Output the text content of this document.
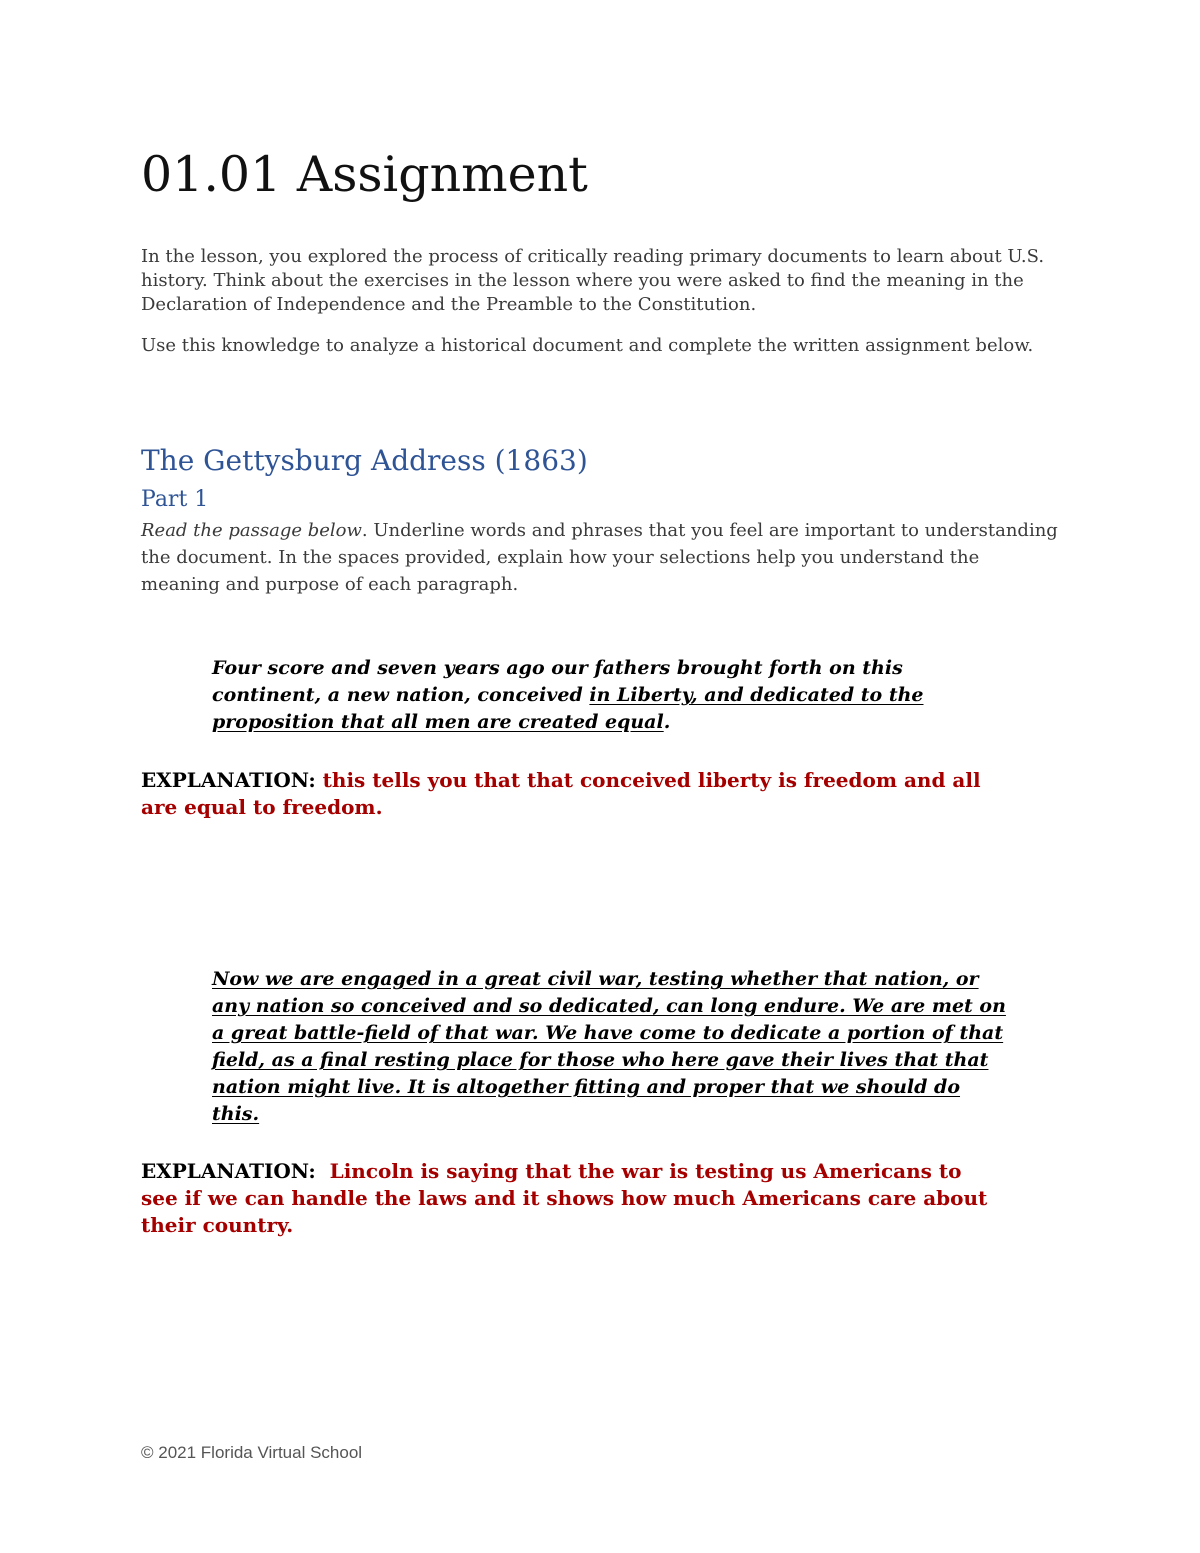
01.01 Assignment

In the lesson, you explored the process of critically reading primary documents to learn about U.S. history. Think about the exercises in the lesson where you were asked to find the meaning in the Declaration of Independence and the Preamble to the Constitution.

Use this knowledge to analyze a historical document and complete the written assignment below.

The Gettysburg Address (1863)
Part 1

Read the passage below. Underline words and phrases that you feel are important to understanding the document. In the spaces provided, explain how your selections help you understand the meaning and purpose of each paragraph.

Four score and seven years ago our fathers brought forth on this continent, a new nation, conceived in Liberty, and dedicated to the proposition that all men are created equal.

EXPLANATION: this tells you that that conceived liberty is freedom and all are equal to freedom.

Now we are engaged in a great civil war, testing whether that nation, or any nation so conceived and so dedicated, can long endure. We are met on a great battle-field of that war. We have come to dedicate a portion of that field, as a final resting place for those who here gave their lives that that nation might live. It is altogether fitting and proper that we should do this.

EXPLANATION: Lincoln is saying that the war is testing us Americans to see if we can handle the laws and it shows how much Americans care about their country.

© 2021 Florida Virtual School
